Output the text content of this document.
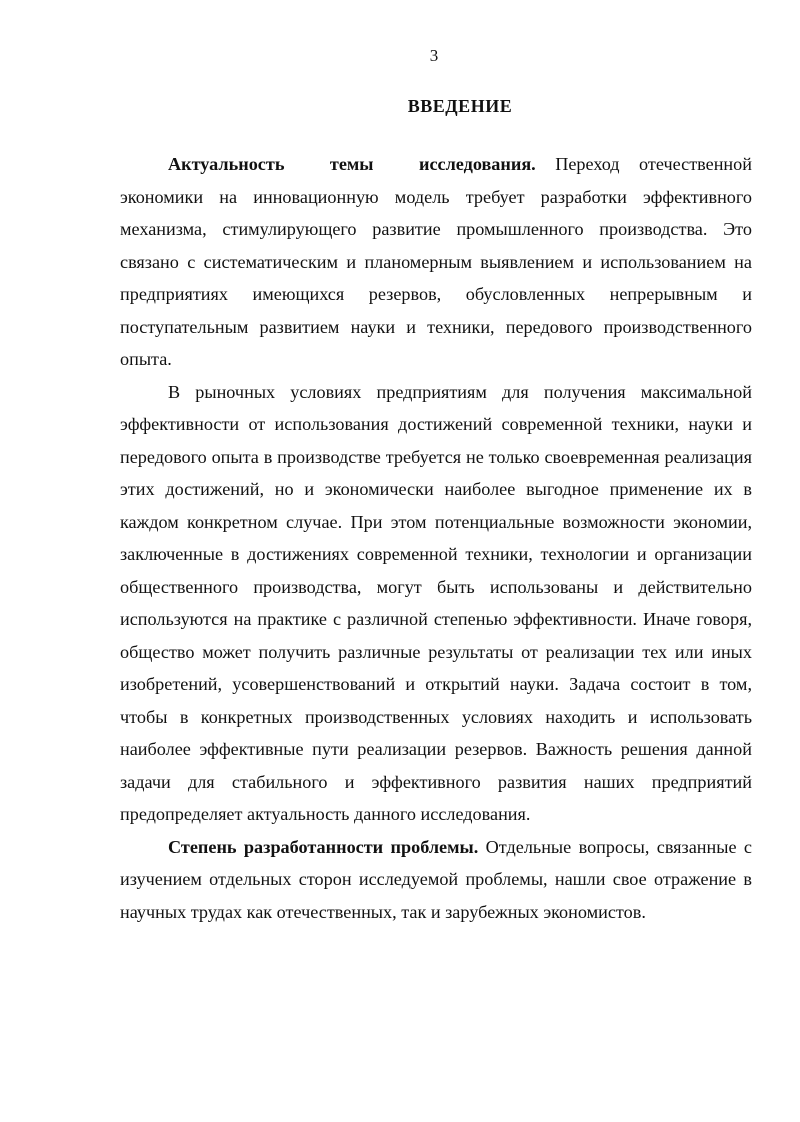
3
ВВЕДЕНИЕ

Актуальность темы исследования. Переход отечественной экономики на инновационную модель требует разработки эффективного механизма, стимулирующего развитие промышленного производства. Это связано с систематическим и планомерным выявлением и использованием на предприятиях имеющихся резервов, обусловленных непрерывным и поступательным развитием науки и техники, передового производственного опыта.

В рыночных условиях предприятиям для получения максимальной эффективности от использования достижений современной техники, науки и передового опыта в производстве требуется не только своевременная реализация этих достижений, но и экономически наиболее выгодное применение их в каждом конкретном случае. При этом потенциальные возможности экономии, заключенные в достижениях современной техники, технологии и организации общественного производства, могут быть использованы и действительно используются на практике с различной степенью эффективности. Иначе говоря, общество может получить различные результаты от реализации тех или иных изобретений, усовершенствований и открытий науки. Задача состоит в том, чтобы в конкретных производственных условиях находить и использовать наиболее эффективные пути реализации резервов. Важность решения данной задачи для стабильного и эффективного развития наших предприятий предопределяет актуальность данного исследования.

Степень разработанности проблемы. Отдельные вопросы, связанные с изучением отдельных сторон исследуемой проблемы, нашли свое отражение в научных трудах как отечественных, так и зарубежных экономистов.
